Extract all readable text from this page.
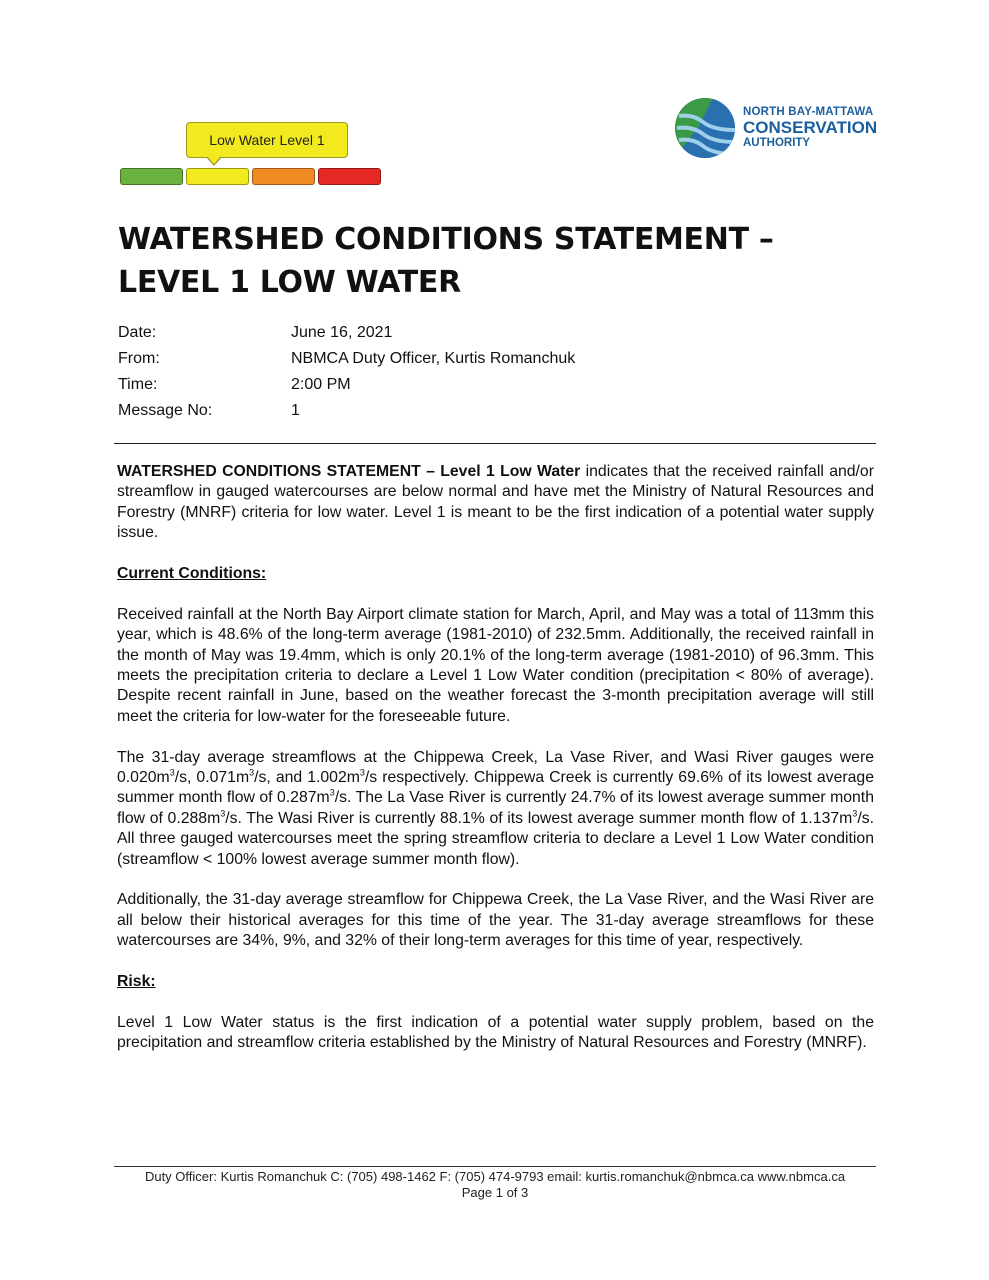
Low Water Level 1
NORTH BAY-MATTAWA
CONSERVATION
AUTHORITY
WATERSHED CONDITIONS STATEMENT –
LEVEL 1 LOW WATER
Date:	June 16, 2021
From:	NBMCA Duty Officer, Kurtis Romanchuk
Time:	2:00 PM
Message No:	1

WATERSHED CONDITIONS STATEMENT – Level 1 Low Water indicates that the received rainfall and/or streamflow in gauged watercourses are below normal and have met the Ministry of Natural Resources and Forestry (MNRF) criteria for low water. Level 1 is meant to be the first indication of a potential water supply issue.

Current Conditions:

Received rainfall at the North Bay Airport climate station for March, April, and May was a total of 113mm this year, which is 48.6% of the long-term average (1981-2010) of 232.5mm. Additionally, the received rainfall in the month of May was 19.4mm, which is only 20.1% of the long-term average (1981-2010) of 96.3mm. This meets the precipitation criteria to declare a Level 1 Low Water condition (precipitation < 80% of average). Despite recent rainfall in June, based on the weather forecast the 3-month precipitation average will still meet the criteria for low-water for the foreseeable future.

The 31-day average streamflows at the Chippewa Creek, La Vase River, and Wasi River gauges were $0.020m^3/s$, $0.071m^3/s$, and $1.002m^3/s$ respectively. Chippewa Creek is currently 69.6% of its lowest average summer month flow of $0.287m^3/s$. The La Vase River is currently 24.7% of its lowest average summer month flow of $0.288m^3/s$. The Wasi River is currently 88.1% of its lowest average summer month flow of $1.137m^3/s$. All three gauged watercourses meet the spring streamflow criteria to declare a Level 1 Low Water condition (streamflow < 100% lowest average summer month flow).

Additionally, the 31-day average streamflow for Chippewa Creek, the La Vase River, and the Wasi River are all below their historical averages for this time of the year. The 31-day average streamflows for these watercourses are 34%, 9%, and 32% of their long-term averages for this time of year, respectively.

Risk:

Level 1 Low Water status is the first indication of a potential water supply problem, based on the precipitation and streamflow criteria established by the Ministry of Natural Resources and Forestry (MNRF).

Duty Officer: Kurtis Romanchuk C: (705) 498-1462 F: (705) 474-9793 email: kurtis.romanchuk@nbmca.ca www.nbmca.ca
Page 1 of 3
